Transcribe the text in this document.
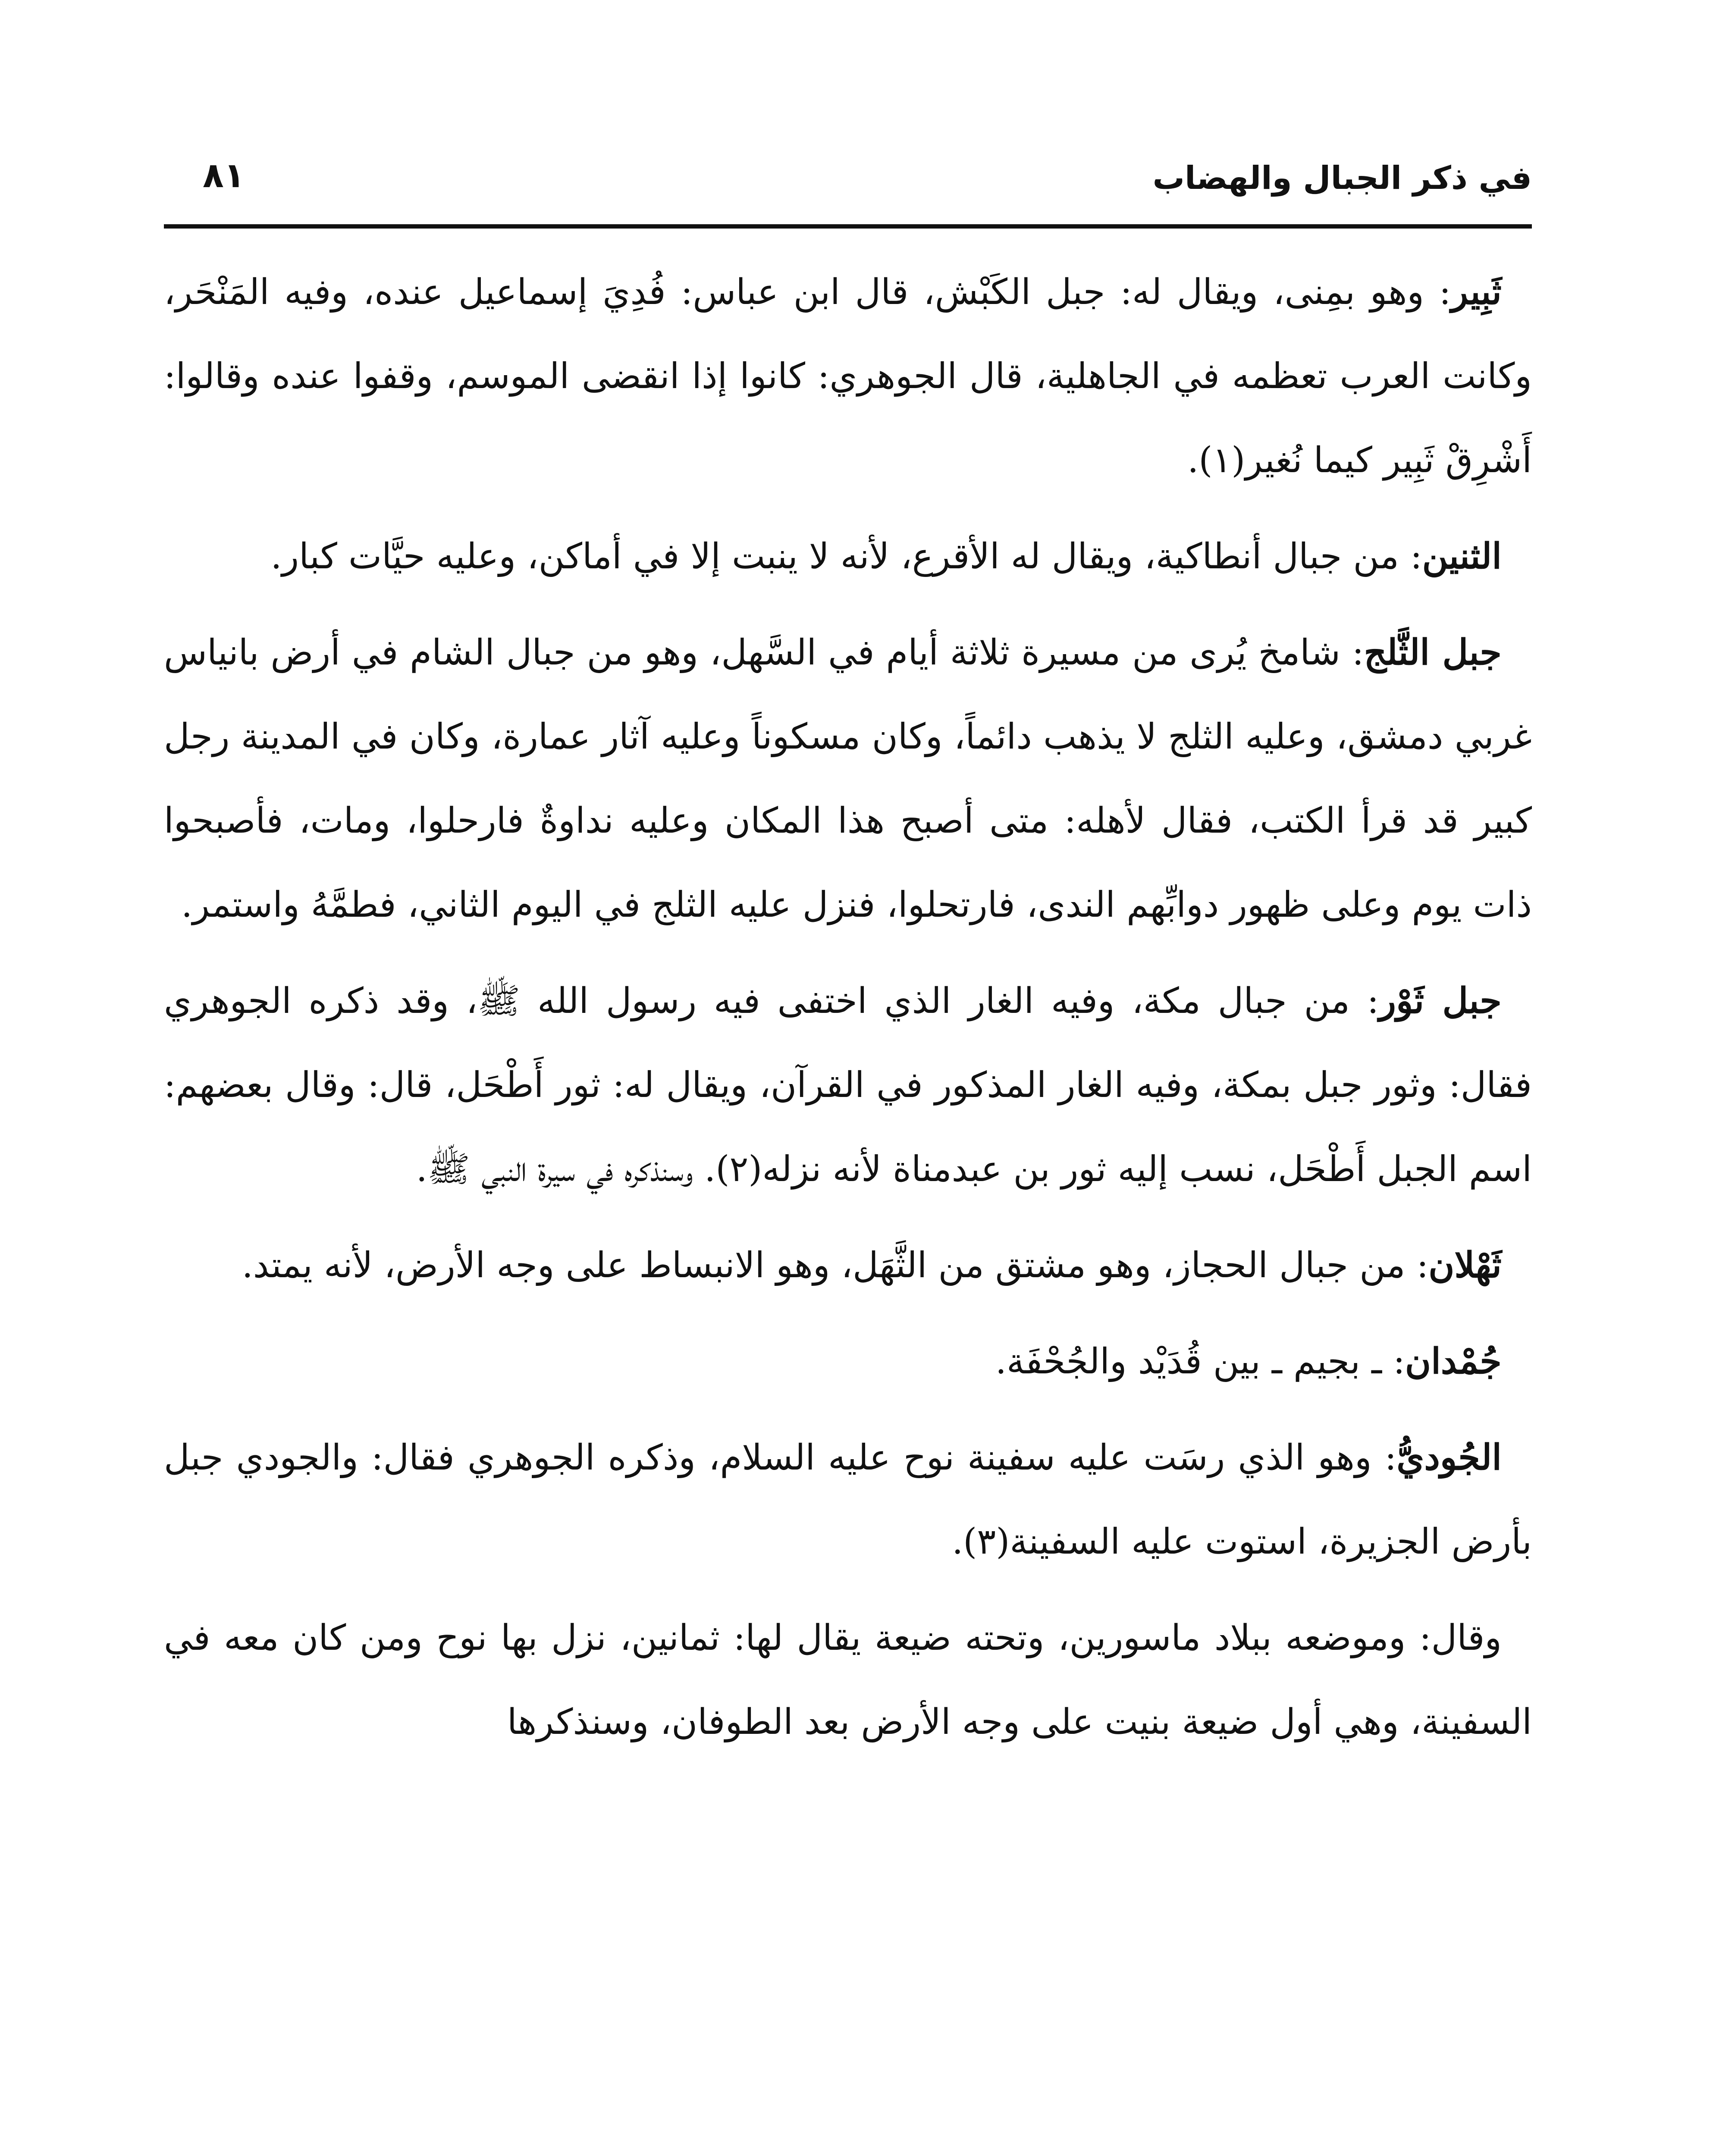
في ذكر الجبال والهضاب
٨١

ثَبِير: وهو بمِنى، ويقال له: جبل الكَبْش، قال ابن عباس: فُدِيَ إسماعيل عنده، وفيه المَنْحَر، وكانت العرب تعظمه في الجاهلية، قال الجوهري: كانوا إذا انقضى الموسم، وقفوا عنده وقالوا: أَشْرِقْ ثَبِير كيما نُغير(١).

الثنين: من جبال أنطاكية، ويقال له الأقرع، لأنه لا ينبت إلا في أماكن، وعليه حيَّات كبار.

جبل الثَّلج: شامخ يُرى من مسيرة ثلاثة أيام في السَّهل، وهو من جبال الشام في أرض بانياس غربي دمشق، وعليه الثلج لا يذهب دائماً، وكان مسكوناً وعليه آثار عمارة، وكان في المدينة رجل كبير قد قرأ الكتب، فقال لأهله: متى أصبح هذا المكان وعليه نداوةٌ فارحلوا، ومات، فأصبحوا ذات يوم وعلى ظهور دوابِّهم الندى، فارتحلوا، فنزل عليه الثلج في اليوم الثاني، فطمَّهُ واستمر.

جبل ثَوْر: من جبال مكة، وفيه الغار الذي اختفى فيه رسول الله ﷺ، وقد ذكره الجوهري فقال: وثور جبل بمكة، وفيه الغار المذكور في القرآن، ويقال له: ثور أَطْحَل، قال: وقال بعضهم: اسم الجبل أَطْحَل، نسب إليه ثور بن عبدمناة لأنه نزله(٢). وسنذكره في سيرة النبي ﷺ.

ثَهْلان: من جبال الحجاز، وهو مشتق من الثَّهَل، وهو الانبساط على وجه الأرض، لأنه يمتد.

جُمْدان: ـ بجيم ـ بين قُدَيْد والجُحْفَة.

الجُوديُّ: وهو الذي رسَت عليه سفينة نوح عليه السلام، وذكره الجوهري فقال: والجودي جبل بأرض الجزيرة، استوت عليه السفينة(٣).

وقال: وموضعه ببلاد ماسورين، وتحته ضيعة يقال لها: ثمانين، نزل بها نوح ومن كان معه في السفينة، وهي أول ضيعة بنيت على وجه الأرض بعد الطوفان، وسنذكرها
